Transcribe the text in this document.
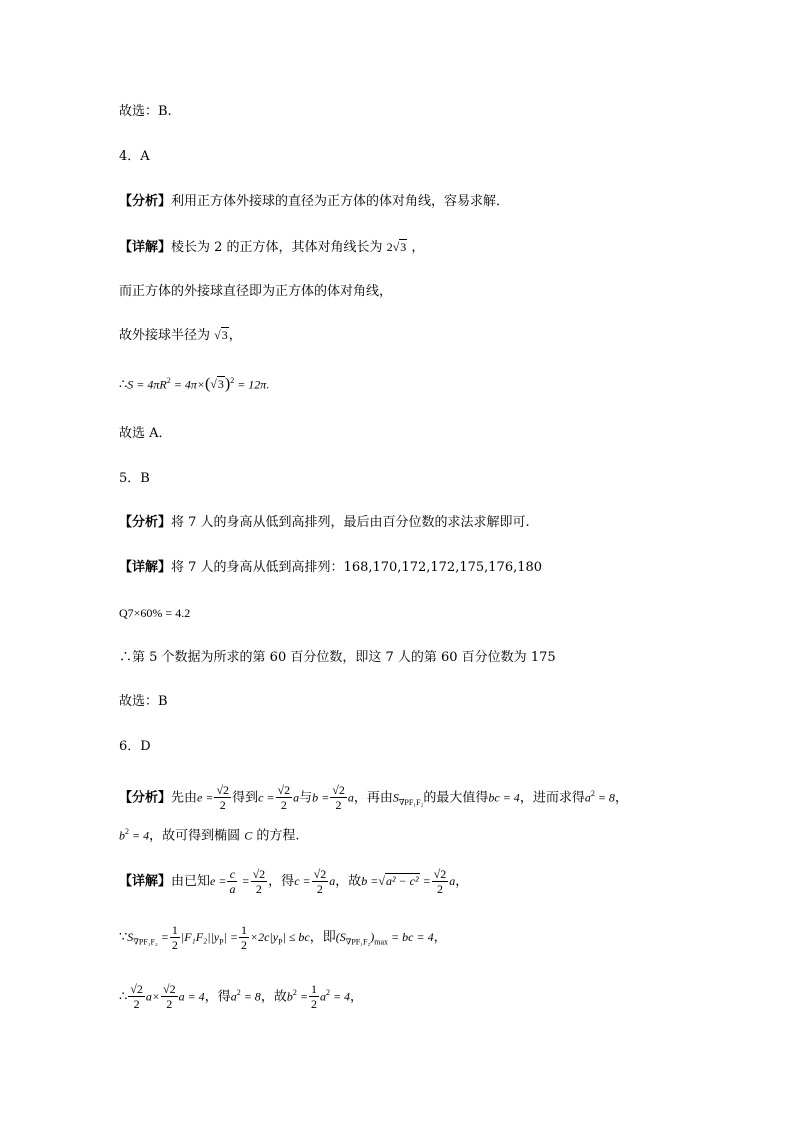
故选：B.
4．A
【分析】利用正方体外接球的直径为正方体的体对角线，容易求解．
【详解】棱长为 2 的正方体，其体对角线长为 2√3 ，
而正方体的外接球直径即为正方体的体对角线，
故外接球半径为 √3，
∴S = $4\pi R^2 = 4\pi\times(√3)^2 = 12\pi$.
故选 A．
5．B
【分析】将 7 人的身高从低到高排列，最后由百分位数的求法求解即可.
【详解】将 7 人的身高从低到高排列：168,170,172,172,175,176,180
Q7×60% = 4.2
∴第 5 个数据为所求的第 60 百分位数，即这 7 人的第 60 百分位数为 175
故选：B
6．D
【分析】先由$e = \frac{√2}{2}$ 得到$c = \frac{√2}{2}$ a与$b = \frac{√2}{2}$ a，再由$S_{\nabla PF_1F_2}$的最大值得bc = 4，进而求得$a^2 = 8$，
$b^2 = 4$，故可得到椭圆 C 的方程.
【详解】由已知$e = \frac{c}{a} = \frac{√2}{2}$ ，得$c = \frac{√2}{2}$ a，故$b =√a^2 - c^2 = \frac{√2}{2}$ a，
$\because S_{\nabla PF_1F_2} = \frac{1}{2} |F_1F_2||y_P| = \frac{1}{2} \times 2c|y_P|$ ≤ bc，即$(S_{\nabla PF_1F_2})_{max}$ = bc = 4，
∴ $\frac{√2}{2} a\times \frac{√2}{2}$ a = 4，得$a^2 = 8$，故$b^2 = \frac{1}{2} a^2 = 4$，
